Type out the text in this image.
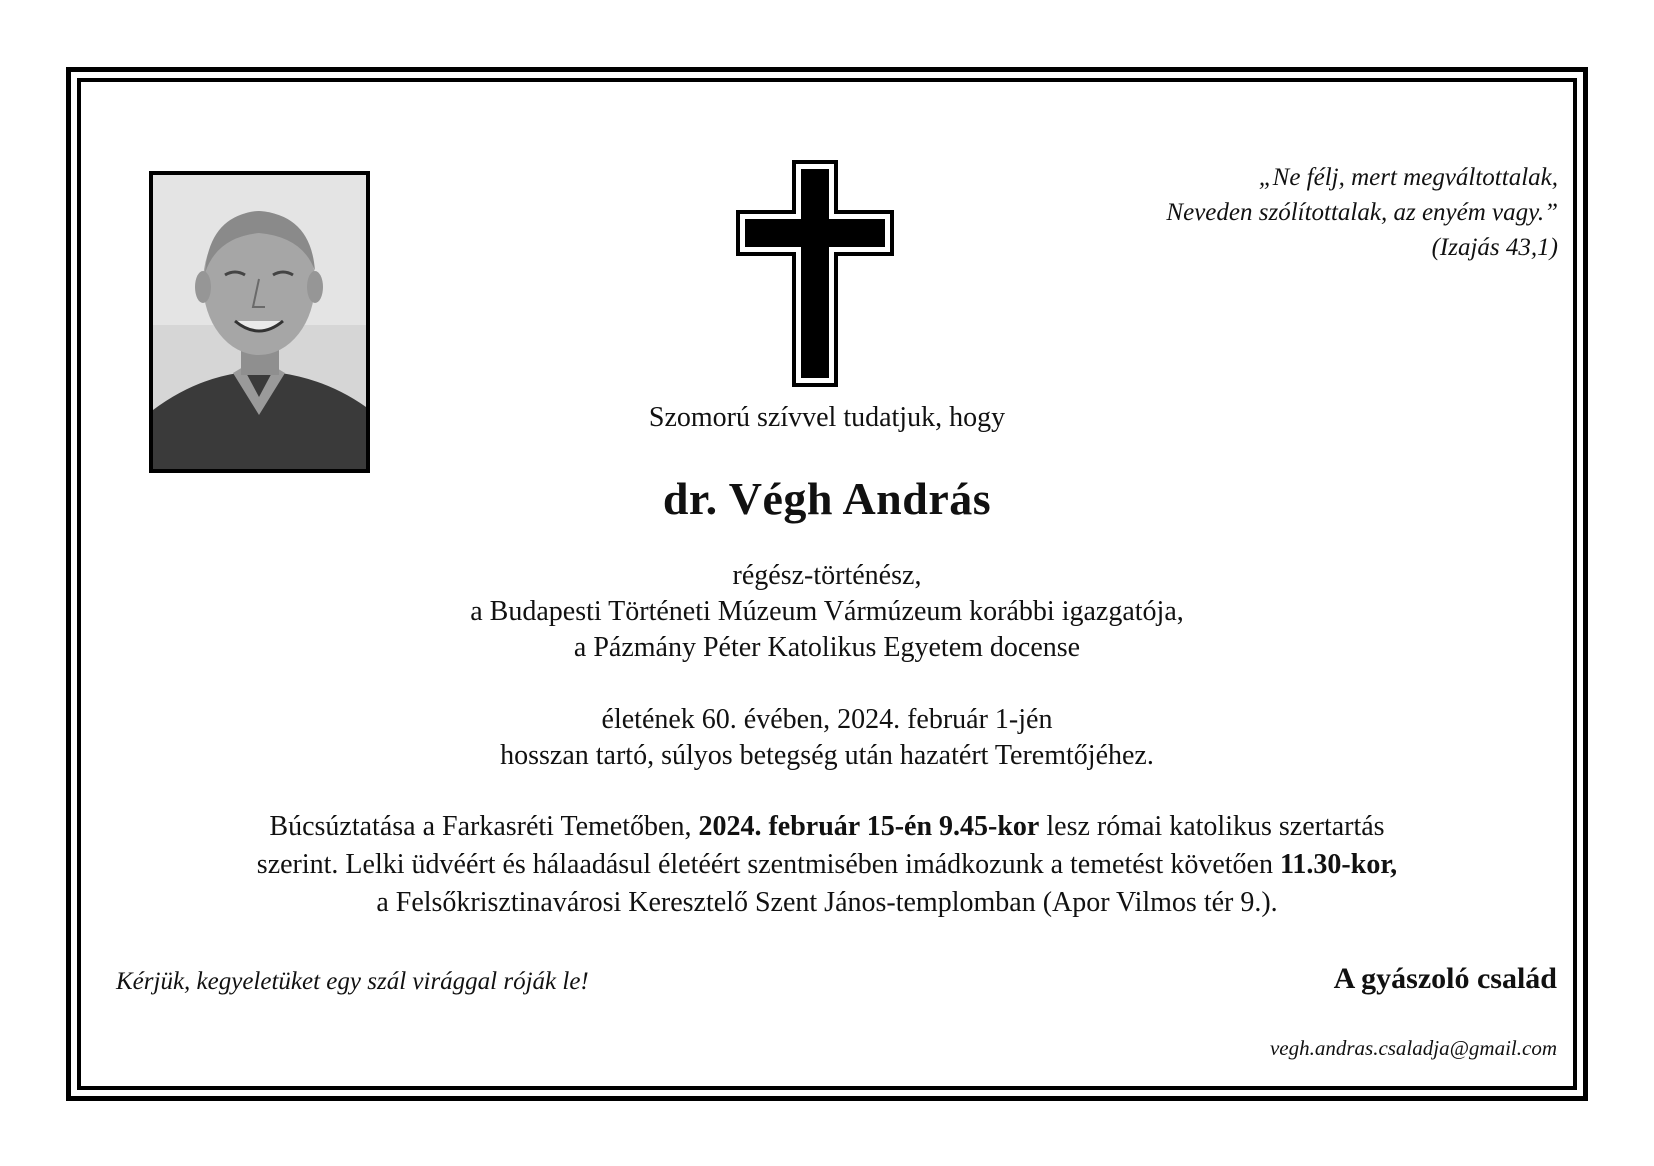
„Ne félj, mert megváltottalak,
Neveden szólítottalak, az enyém vagy.”
(Izajás 43,1)
Szomorú szívvel tudatjuk, hogy
dr. Végh András
régész-történész,
a Budapesti Történeti Múzeum Vármúzeum korábbi igazgatója,
a Pázmány Péter Katolikus Egyetem docense
életének 60. évében, 2024. február 1-jén
hosszan tartó, súlyos betegség után hazatért Teremtőjéhez.
Búcsúztatása a Farkasréti Temetőben, 2024. február 15-én 9.45-kor lesz római katolikus szertartás
szerint. Lelki üdvéért és hálaadásul életéért szentmisében imádkozunk a temetést követően 11.30-kor,
a Felsőkrisztinavárosi Keresztelő Szent János-templomban (Apor Vilmos tér 9.).
Kérjük, kegyeletüket egy szál virággal róják le!	A gyászoló család
vegh.andras.csaladja@gmail.com
